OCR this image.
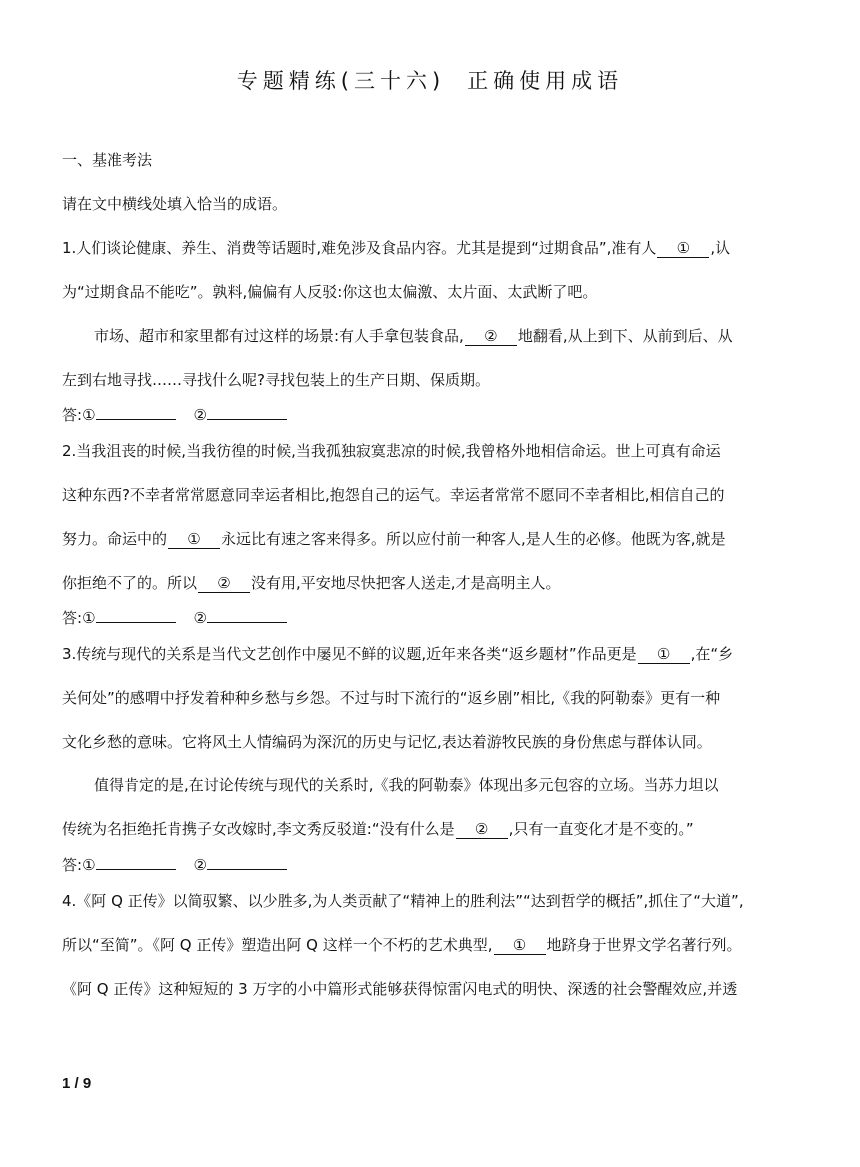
专题精练(三十六) 正确使用成语
一、基准考法
请在文中横线处填入恰当的成语。
1.人们谈论健康、养生、消费等话题时,难免涉及食品内容。尤其是提到“过期食品”,准有人 ① ,认
为“过期食品不能吃”。孰料,偏偏有人反驳:你这也太偏激、太片面、太武断了吧。
市场、超市和家里都有过这样的场景:有人手拿包装食品, ② 地翻看,从上到下、从前到后、从
左到右地寻找……寻找什么呢?寻找包装上的生产日期、保质期。
答:①	②
2.当我沮丧的时候,当我彷徨的时候,当我孤独寂寞悲凉的时候,我曾格外地相信命运。世上可真有命运
这种东西?不幸者常常愿意同幸运者相比,抱怨自己的运气。幸运者常常不愿同不幸者相比,相信自己的
努力。命运中的 ① 永远比有速之客来得多。所以应付前一种客人,是人生的必修。他既为客,就是
你拒绝不了的。所以 ② 没有用,平安地尽快把客人送走,才是高明主人。
答:①	②
3.传统与现代的关系是当代文艺创作中屡见不鲜的议题,近年来各类“返乡题材”作品更是 ① ,在“乡
关何处”的感喟中抒发着种种乡愁与乡怨。不过与时下流行的“返乡剧”相比,《我的阿勒泰》更有一种
文化乡愁的意味。它将风土人情编码为深沉的历史与记忆,表达着游牧民族的身份焦虑与群体认同。
值得肯定的是,在讨论传统与现代的关系时,《我的阿勒泰》体现出多元包容的立场。当苏力坦以
传统为名拒绝托肯携子女改嫁时,李文秀反驳道:“没有什么是 ② ,只有一直变化才是不变的。”
答:①	②
4.《阿 Q 正传》以简驭繁、以少胜多,为人类贡献了“精神上的胜利法”“达到哲学的概括”,抓住了“大道”,
所以“至简”。《阿 Q 正传》塑造出阿 Q 这样一个不朽的艺术典型, ① 地跻身于世界文学名著行列。
《阿 Q 正传》这种短短的 3 万字的小中篇形式能够获得惊雷闪电式的明快、深透的社会警醒效应,并透
1 / 9
